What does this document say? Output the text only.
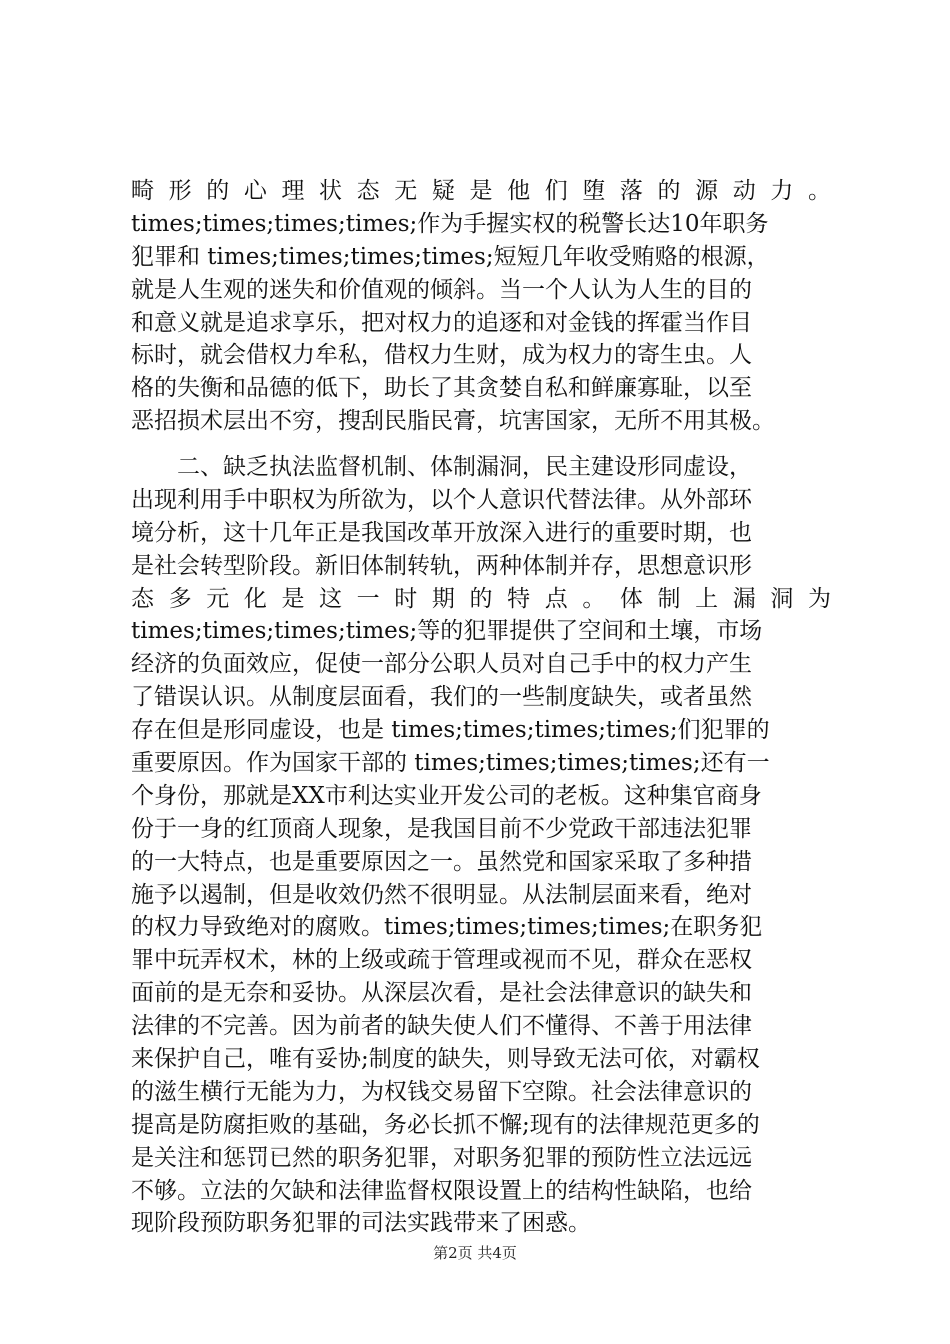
畸 形 的 心 理 状 态 无 疑 是 他 们 堕 落 的 源 动 力 。
times;times;times;times;作为手握实权的税警长达10年职务
犯罪和 times;times;times;times;短短几年收受贿赂的根源，
就是人生观的迷失和价值观的倾斜。当一个人认为人生的目的
和意义就是追求享乐，把对权力的追逐和对金钱的挥霍当作目
标时，就会借权力牟私，借权力生财，成为权力的寄生虫。人
格的失衡和品德的低下，助长了其贪婪自私和鲜廉寡耻，以至
恶招损术层出不穷，搜刮民脂民膏，坑害国家，无所不用其极。
二、缺乏执法监督机制、体制漏洞，民主建设形同虚设，
出现利用手中职权为所欲为，以个人意识代替法律。从外部环
境分析，这十几年正是我国改革开放深入进行的重要时期，也
是社会转型阶段。新旧体制转轨，两种体制并存，思想意识形
态 多 元 化 是 这 一 时 期 的 特 点 。 体 制 上 漏 洞 为
times;times;times;times;等的犯罪提供了空间和土壤，市场
经济的负面效应，促使一部分公职人员对自己手中的权力产生
了错误认识。从制度层面看，我们的一些制度缺失，或者虽然
存在但是形同虚设，也是 times;times;times;times;们犯罪的
重要原因。作为国家干部的 times;times;times;times;还有一
个身份，那就是XX市利达实业开发公司的老板。这种集官商身
份于一身的红顶商人现象，是我国目前不少党政干部违法犯罪
的一大特点，也是重要原因之一。虽然党和国家采取了多种措
施予以遏制，但是收效仍然不很明显。从法制层面来看，绝对
的权力导致绝对的腐败。times;times;times;times;在职务犯
罪中玩弄权术，林的上级或疏于管理或视而不见，群众在恶权
面前的是无奈和妥协。从深层次看，是社会法律意识的缺失和
法律的不完善。因为前者的缺失使人们不懂得、不善于用法律
来保护自己，唯有妥协;制度的缺失，则导致无法可依，对霸权
的滋生横行无能为力，为权钱交易留下空隙。社会法律意识的
提高是防腐拒败的基础，务必长抓不懈;现有的法律规范更多的
是关注和惩罚已然的职务犯罪，对职务犯罪的预防性立法远远
不够。立法的欠缺和法律监督权限设置上的结构性缺陷，也给
现阶段预防职务犯罪的司法实践带来了困惑。
第2页 共4页
